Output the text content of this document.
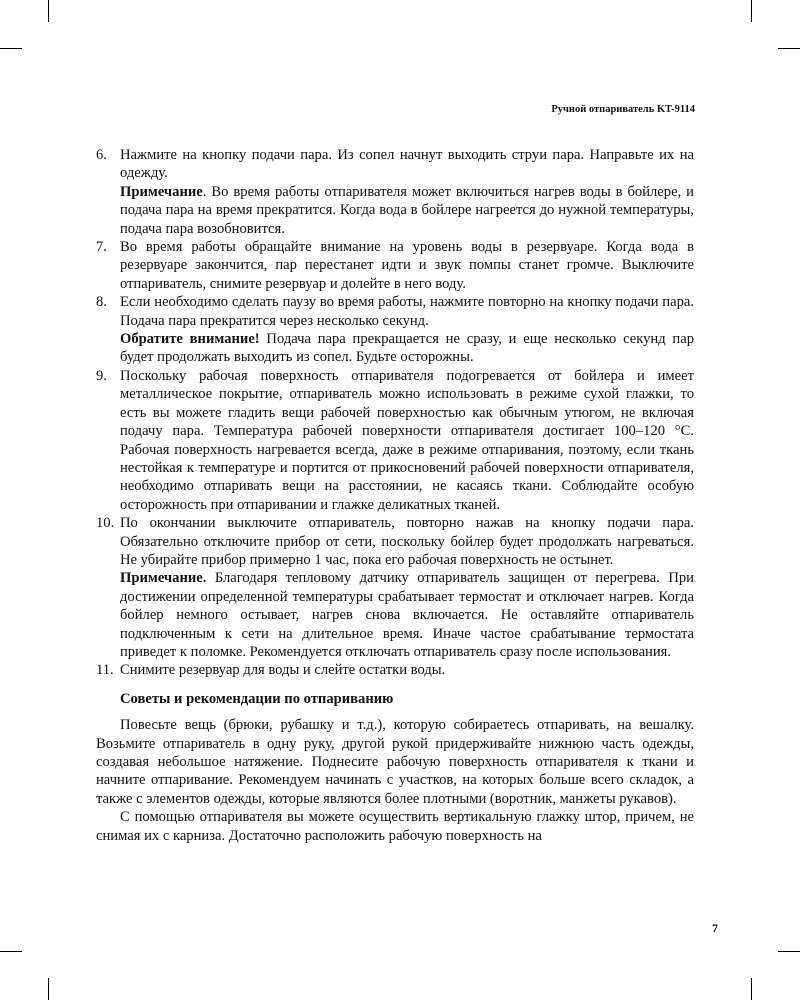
Ручной отпариватель KT-9114
6. Нажмите на кнопку подачи пара. Из сопел начнут выходить струи пара. Направьте их на одежду.

Примечание. Во время работы отпаривателя может включиться нагрев воды в бойлере, и подача пара на время прекратится. Когда вода в бойлере нагреется до нужной температуры, подача пара возобновится.

7. Во время работы обращайте внимание на уровень воды в резервуаре. Когда вода в резервуаре закончится, пар перестанет идти и звук помпы станет громче. Выключите отпариватель, снимите резервуар и долейте в него воду.

8. Если необходимо сделать паузу во время работы, нажмите повторно на кнопку подачи пара. Подача пара прекратится через несколько секунд.

Обратите внимание! Подача пара прекращается не сразу, и еще несколько секунд пар будет продолжать выходить из сопел. Будьте осторожны.

9. Поскольку рабочая поверхность отпаривателя подогревается от бойлера и имеет металлическое покрытие, отпариватель можно использовать в режиме сухой глажки, то есть вы можете гладить вещи рабочей поверхностью как обычным утюгом, не включая подачу пара. Температура рабочей поверхности отпаривателя достигает 100–120 °С. Рабочая поверхность нагревается всегда, даже в режиме отпаривания, поэтому, если ткань нестойкая к температуре и портится от прикосновений рабочей поверхности отпаривателя, необходимо отпаривать вещи на расстоянии, не касаясь ткани. Соблюдайте особую осторожность при отпаривании и глажке деликатных тканей.

10. По окончании выключите отпариватель, повторно нажав на кнопку подачи пара. Обязательно отключите прибор от сети, поскольку бойлер будет продолжать нагреваться. Не убирайте прибор примерно 1 час, пока его рабочая поверхность не остынет.

Примечание. Благодаря тепловому датчику отпариватель защищен от перегрева. При достижении определенной температуры срабатывает термостат и отключает нагрев. Когда бойлер немного остывает, нагрев снова включается. Не оставляйте отпариватель подключенным к сети на длительное время. Иначе частое срабатывание термостата приведет к поломке. Рекомендуется отключать отпариватель сразу после использования.

11. Снимите резервуар для воды и слейте остатки воды.

Советы и рекомендации по отпариванию

Повесьте вещь (брюки, рубашку и т.д.), которую собираетесь отпаривать, на вешалку. Возьмите отпариватель в одну руку, другой рукой придерживайте нижнюю часть одежды, создавая небольшое натяжение. Поднесите рабочую поверхность отпаривателя к ткани и начните отпаривание. Рекомендуем начинать с участков, на которых больше всего складок, а также с элементов одежды, которые являются более плотными (воротник, манжеты рукавов).

С помощью отпаривателя вы можете осуществить вертикальную глажку штор, причем, не снимая их с карниза. Достаточно расположить рабочую поверхность на

7
